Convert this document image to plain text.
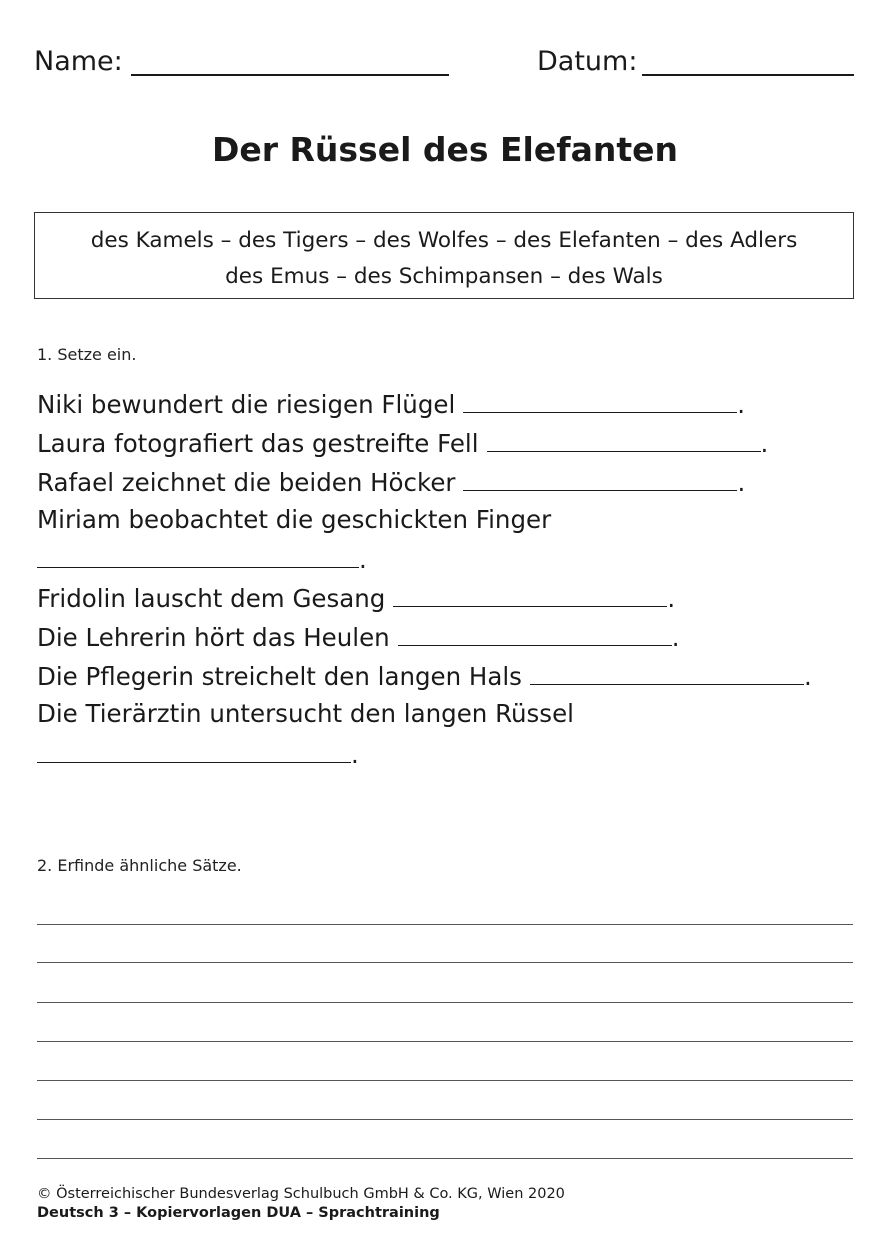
Name:	Datum:
Der Rüssel des Elefanten
des Kamels – des Tigers – des Wolfes – des Elefanten – des Adlers
des Emus – des Schimpansen – des Wals
1. Setze ein.
Niki bewundert die riesigen Flügel	.
Laura fotografiert das gestreifte Fell	.
Rafael zeichnet die beiden Höcker	.
Miriam beobachtet die geschickten Finger
.
Fridolin lauscht dem Gesang	.
Die Lehrerin hört das Heulen	.
Die Pflegerin streichelt den langen Hals	.
Die Tierärztin untersucht den langen Rüssel
.
2. Erfinde ähnliche Sätze.
© Österreichischer Bundesverlag Schulbuch GmbH & Co. KG, Wien 2020
Deutsch 3 – Kopiervorlagen DUA – Sprachtraining
